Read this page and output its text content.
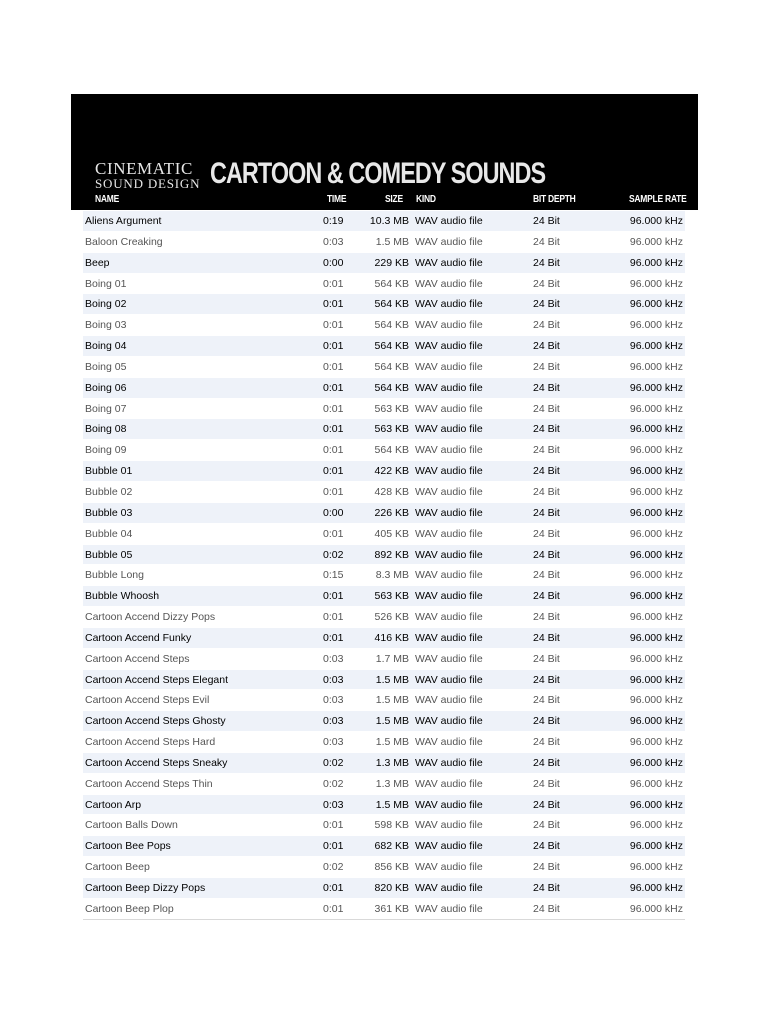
CINEMATIC
SOUND DESIGN CARTOON & COMEDY SOUNDS
NAME	TIME	SIZE KIND	BIT DEPTH	SAMPLE RATE
Aliens Argument	0:19	10.3 MB WAV audio file	24 Bit	96.000 kHz
Baloon Creaking	0:03	1.5 MB WAV audio file	24 Bit	96.000 kHz
Beep	0:00	229 KB WAV audio file	24 Bit	96.000 kHz
Boing 01	0:01	564 KB WAV audio file	24 Bit	96.000 kHz
Boing 02	0:01	564 KB WAV audio file	24 Bit	96.000 kHz
Boing 03	0:01	564 KB WAV audio file	24 Bit	96.000 kHz
Boing 04	0:01	564 KB WAV audio file	24 Bit	96.000 kHz
Boing 05	0:01	564 KB WAV audio file	24 Bit	96.000 kHz
Boing 06	0:01	564 KB WAV audio file	24 Bit	96.000 kHz
Boing 07	0:01	563 KB WAV audio file	24 Bit	96.000 kHz
Boing 08	0:01	563 KB WAV audio file	24 Bit	96.000 kHz
Boing 09	0:01	564 KB WAV audio file	24 Bit	96.000 kHz
Bubble 01	0:01	422 KB WAV audio file	24 Bit	96.000 kHz
Bubble 02	0:01	428 KB WAV audio file	24 Bit	96.000 kHz
Bubble 03	0:00	226 KB WAV audio file	24 Bit	96.000 kHz
Bubble 04	0:01	405 KB WAV audio file	24 Bit	96.000 kHz
Bubble 05	0:02	892 KB WAV audio file	24 Bit	96.000 kHz
Bubble Long	0:15	8.3 MB WAV audio file	24 Bit	96.000 kHz
Bubble Whoosh	0:01	563 KB WAV audio file	24 Bit	96.000 kHz
Cartoon Accend Dizzy Pops	0:01	526 KB WAV audio file	24 Bit	96.000 kHz
Cartoon Accend Funky	0:01	416 KB WAV audio file	24 Bit	96.000 kHz
Cartoon Accend Steps	0:03	1.7 MB WAV audio file	24 Bit	96.000 kHz
Cartoon Accend Steps Elegant	0:03	1.5 MB WAV audio file	24 Bit	96.000 kHz
Cartoon Accend Steps Evil	0:03	1.5 MB WAV audio file	24 Bit	96.000 kHz
Cartoon Accend Steps Ghosty	0:03	1.5 MB WAV audio file	24 Bit	96.000 kHz
Cartoon Accend Steps Hard	0:03	1.5 MB WAV audio file	24 Bit	96.000 kHz
Cartoon Accend Steps Sneaky	0:02	1.3 MB WAV audio file	24 Bit	96.000 kHz
Cartoon Accend Steps Thin	0:02	1.3 MB WAV audio file	24 Bit	96.000 kHz
Cartoon Arp	0:03	1.5 MB WAV audio file	24 Bit	96.000 kHz
Cartoon Balls Down	0:01	598 KB WAV audio file	24 Bit	96.000 kHz
Cartoon Bee Pops	0:01	682 KB WAV audio file	24 Bit	96.000 kHz
Cartoon Beep	0:02	856 KB WAV audio file	24 Bit	96.000 kHz
Cartoon Beep Dizzy Pops	0:01	820 KB WAV audio file	24 Bit	96.000 kHz
Cartoon Beep Plop	0:01	361 KB WAV audio file	24 Bit	96.000 kHz
